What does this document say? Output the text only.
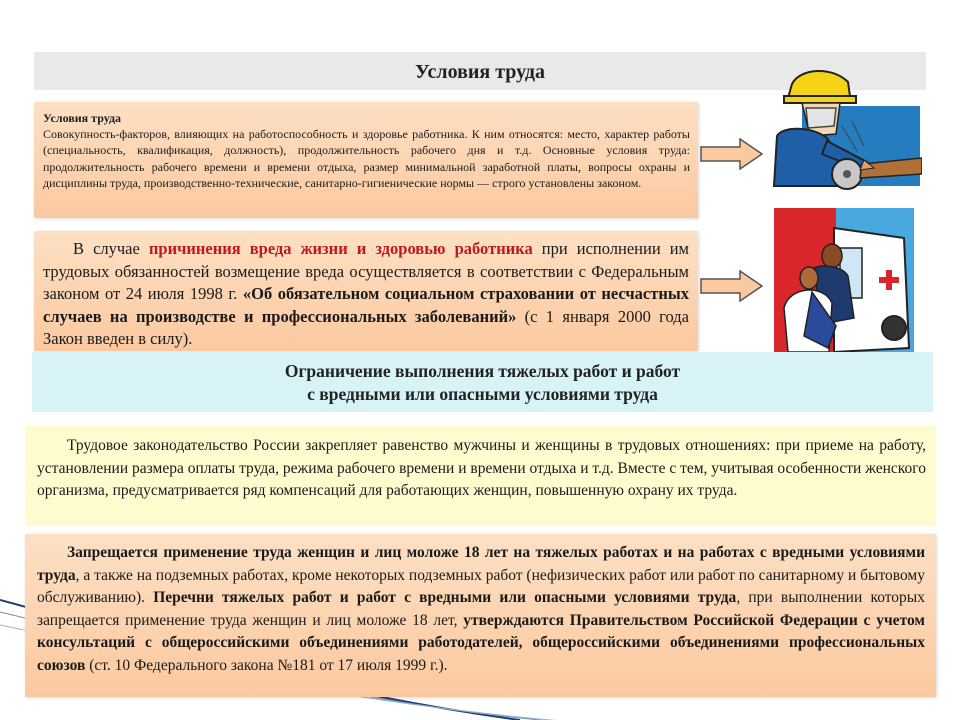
Условия труда
Условия труда
Совокупность-факторов, влияющих на работоспособность и здоровье работника. К ним относятся: место, характер работы (специальность, квалификация, должность), продолжительность рабочего дня и т.д. Основные условия труда: продолжительность рабочего времени и времени отдыха, размер минимальной заработной платы, вопросы охраны и дисциплины труда, производственно-технические, санитарно-гигиенические нормы — строго установлены законом.
В случае причинения вреда жизни и здоровью работника при исполнении им трудовых обязанностей возмещение вреда осуществляется в соответствии с Федеральным законом от 24 июля 1998 г. «Об обязательном социальном страховании от несчастных случаев на производстве и профессиональных заболеваний» (с 1 января 2000 года Закон введен в силу).
Ограничение выполнения тяжелых работ и работ
с вредными или опасными условиями труда
Трудовое законодательство России закрепляет равенство мужчины и женщины в трудовых отношениях: при приеме на работу, установлении размера оплаты труда, режима рабочего времени и времени отдыха и т.д. Вместе с тем, учитывая особенности женского организма, предусматривается ряд компенсаций для работающих женщин, повышенную охрану их труда.
Запрещается применение труда женщин и лиц моложе 18 лет на тяжелых работах и на работах с вредными условиями труда, а также на подземных работах, кроме некоторых подземных работ (нефизических работ или работ по санитарному и бытовому обслуживанию). Перечни тяжелых работ и работ с вредными или опасными условиями труда, при выполнении которых запрещается применение труда женщин и лиц моложе 18 лет, утверждаются Правительством Российской Федерации с учетом консультаций с общероссийскими объединениями работодателей, общероссийскими объединениями профессиональных союзов (ст. 10 Федерального закона №181 от 17 июля 1999 г.).
